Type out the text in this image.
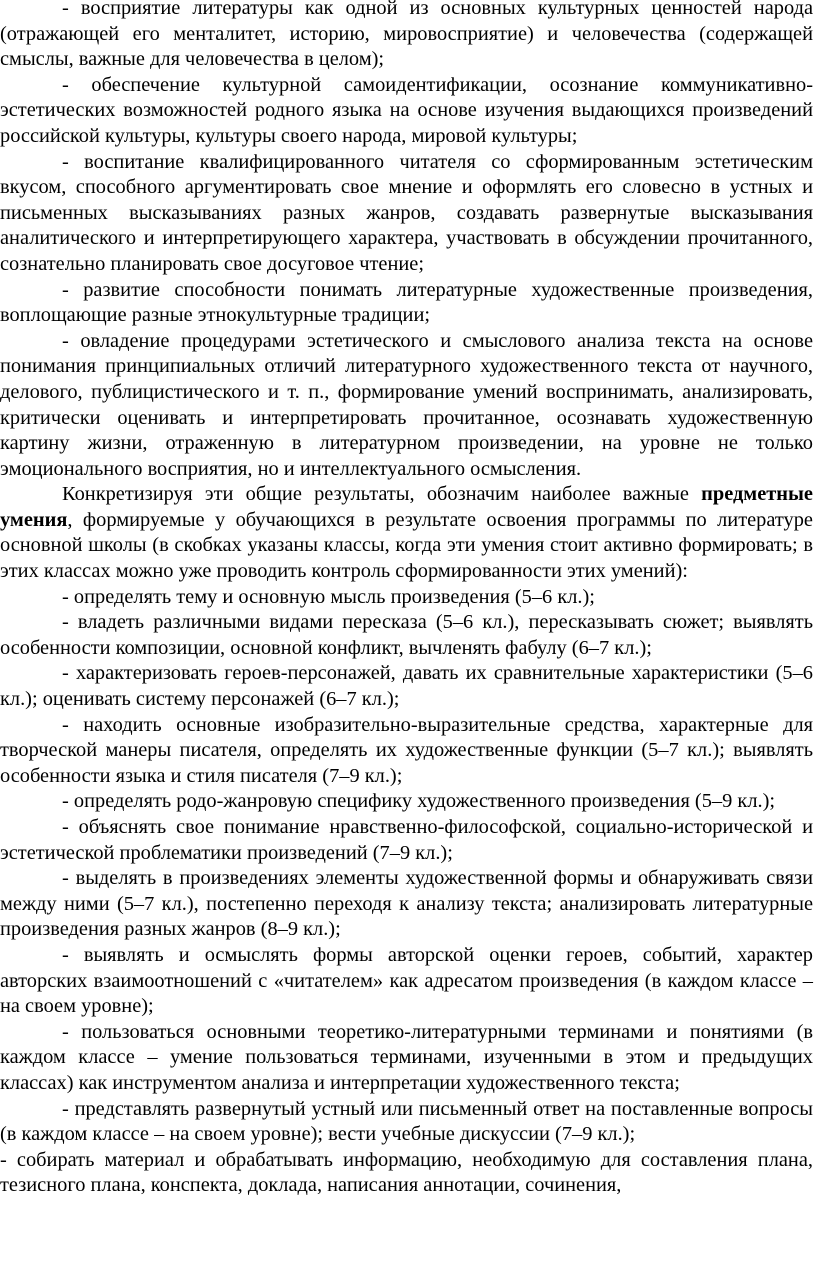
- восприятие литературы как одной из основных культурных ценностей народа (отражающей его менталитет, историю, мировосприятие) и человечества (содержащей смыслы, важные для человечества в целом);

- обеспечение культурной самоидентификации, осознание коммуникативно-эстетических возможностей родного языка на основе изучения выдающихся произведений российской культуры, культуры своего народа, мировой культуры;

- воспитание квалифицированного читателя со сформированным эстетическим вкусом, способного аргументировать свое мнение и оформлять его словесно в устных и письменных высказываниях разных жанров, создавать развернутые высказывания аналитического и интерпретирующего характера, участвовать в обсуждении прочитанного, сознательно планировать свое досуговое чтение;

- развитие способности понимать литературные художественные произведения, воплощающие разные этнокультурные традиции;

- овладение процедурами эстетического и смыслового анализа текста на основе понимания принципиальных отличий литературного художественного текста от научного, делового, публицистического и т. п., формирование умений воспринимать, анализировать, критически оценивать и интерпретировать прочитанное, осознавать художественную картину жизни, отраженную в литературном произведении, на уровне не только эмоционального восприятия, но и интеллектуального осмысления.

Конкретизируя эти общие результаты, обозначим наиболее важные предметные умения, формируемые у обучающихся в результате освоения программы по литературе основной школы (в скобках указаны классы, когда эти умения стоит активно формировать; в этих классах можно уже проводить контроль сформированности этих умений):

- определять тему и основную мысль произведения (5–6 кл.);

- владеть различными видами пересказа (5–6 кл.), пересказывать сюжет; выявлять особенности композиции, основной конфликт, вычленять фабулу (6–7 кл.);

- характеризовать героев-персонажей, давать их сравнительные характеристики (5–6 кл.); оценивать систему персонажей (6–7 кл.);

- находить основные изобразительно-выразительные средства, характерные для творческой манеры писателя, определять их художественные функции (5–7 кл.); выявлять особенности языка и стиля писателя (7–9 кл.);

- определять родо-жанровую специфику художественного произведения (5–9 кл.);

- объяснять свое понимание нравственно-философской, социально-исторической и эстетической проблематики произведений (7–9 кл.);

- выделять в произведениях элементы художественной формы и обнаруживать связи между ними (5–7 кл.), постепенно переходя к анализу текста; анализировать литературные произведения разных жанров (8–9 кл.);

- выявлять и осмыслять формы авторской оценки героев, событий, характер авторских взаимоотношений с «читателем» как адресатом произведения (в каждом классе – на своем уровне);

- пользоваться основными теоретико-литературными терминами и понятиями (в каждом классе – умение пользоваться терминами, изученными в этом и предыдущих классах) как инструментом анализа и интерпретации художественного текста;

- представлять развернутый устный или письменный ответ на поставленные вопросы (в каждом классе – на своем уровне); вести учебные дискуссии (7–9 кл.);

- собирать материал и обрабатывать информацию, необходимую для составления плана, тезисного плана, конспекта, доклада, написания аннотации, сочинения,
